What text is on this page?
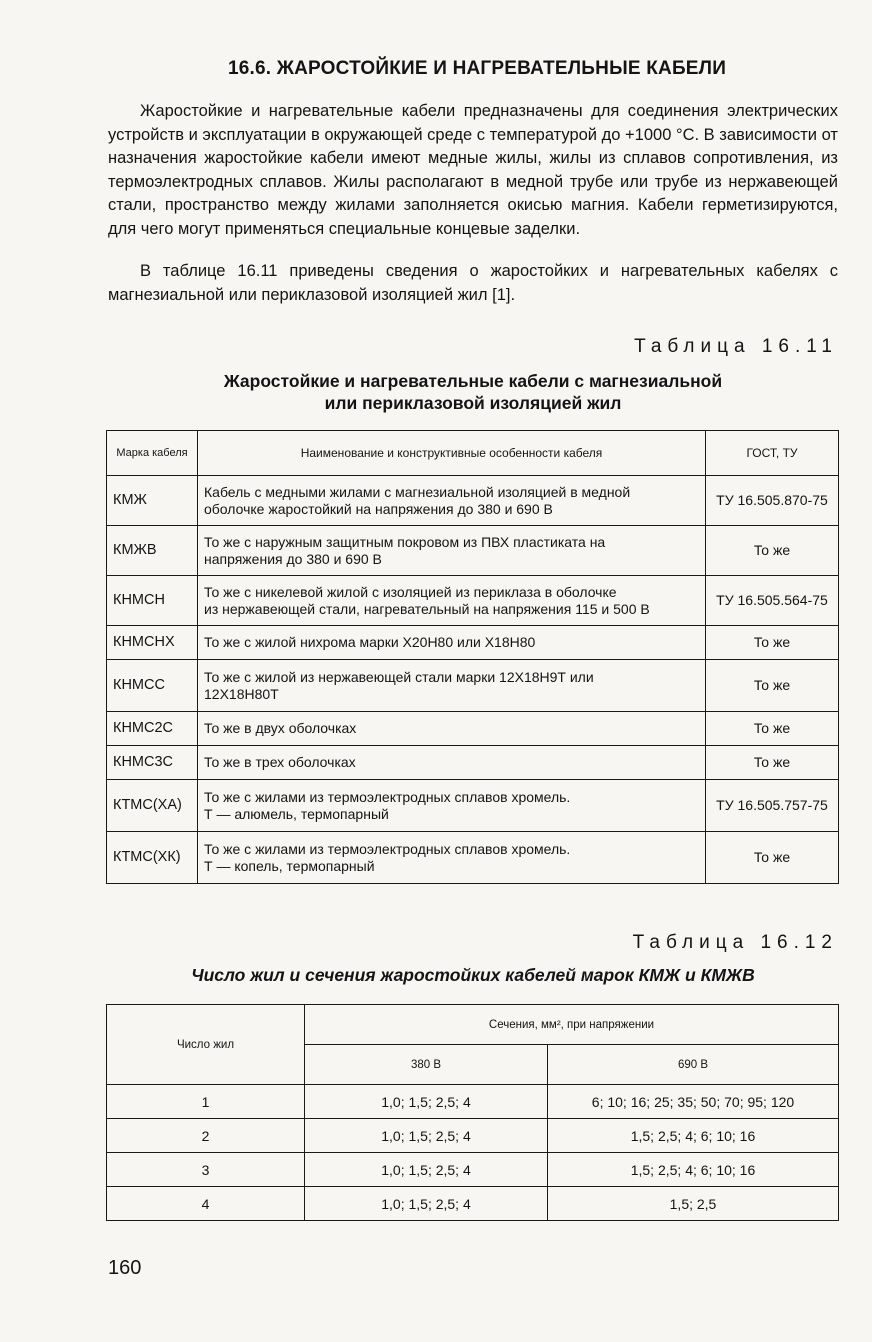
16.6. ЖАРОСТОЙКИЕ И НАГРЕВАТЕЛЬНЫЕ КАБЕЛИ

Жаростойкие и нагревательные кабели предназначены для соединения электрических устройств и эксплуатации в окружающей среде с температурой до +1000 °С. В зависимости от назначения жаростойкие кабели имеют медные жилы, жилы из сплавов сопротивления, из термоэлектродных сплавов. Жилы располагают в медной трубе или трубе из нержавеющей стали, пространство между жилами заполняется окисью магния. Кабели герметизируются, для чего могут применяться специальные концевые заделки.

В таблице 16.11 приведены сведения о жаростойких и нагревательных кабелях с магнезиальной или периклазовой изоляцией жил [1].

Таблица 16.11
Жаростойкие и нагревательные кабели с магнезиальной
или периклазовой изоляцией жил
Марка кабеля	Наименование и конструктивные особенности кабеля	ГОСТ, ТУ
КМЖ	Кабель с медными жилами с магнезиальной изоляцией в медной
оболочке жаростойкий на напряжения до 380 и 690 В	ТУ 16.505.870-75
КМЖВ	То же с наружным защитным покровом из ПВХ пластиката на
напряжения до 380 и 690 В	То же
КНМСН	То же с никелевой жилой с изоляцией из периклаза в оболочке
из нержавеющей стали, нагревательный на напряжения 115 и 500 В	ТУ 16.505.564-75
КНМСНХ	То же с жилой нихрома марки Х20Н80 или Х18Н80	То же
КНМСС	То же с жилой из нержавеющей стали марки 12Х18Н9Т или
12Х18Н80Т	То же
КНМС2С	То же в двух оболочках	То же
КНМС3С	То же в трех оболочках	То же
КТМС(ХА)	То же с жилами из термоэлектродных сплавов хромель.
Т — алюмель, термопарный	ТУ 16.505.757-75
КТМС(ХК)	То же с жилами из термоэлектродных сплавов хромель.
Т — копель, термопарный	То же
Таблица 16.12
Число жил и сечения жаростойких кабелей марок КМЖ и КМЖВ
Число жил	Сечения, мм², при напряжении	
	380 В	690 В
1	1,0; 1,5; 2,5; 4	6; 10; 16; 25; 35; 50; 70; 95; 120
2	1,0; 1,5; 2,5; 4	1,5; 2,5; 4; 6; 10; 16
3	1,0; 1,5; 2,5; 4	1,5; 2,5; 4; 6; 10; 16
4	1,0; 1,5; 2,5; 4	1,5; 2,5
160
